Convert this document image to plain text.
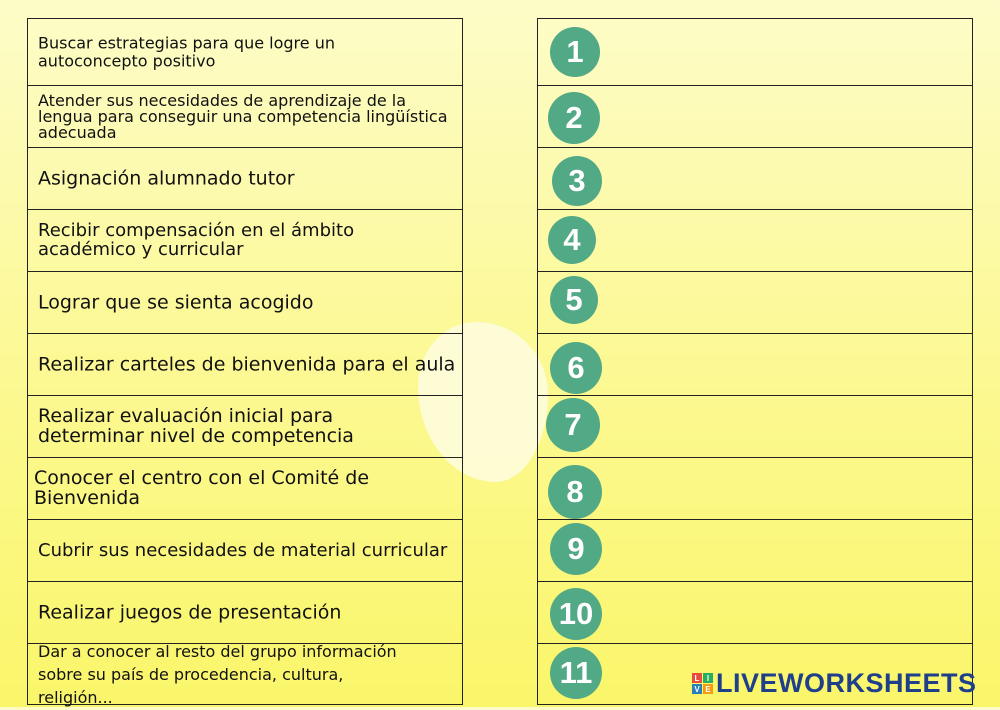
Buscar estrategias para que logre un autoconcepto positivo
Atender sus necesidades de aprendizaje de la lengua para conseguir una competencia lingüística adecuada
Asignación alumnado tutor
Recibir compensación en el ámbito académico y curricular
Lograr que se sienta acogido
Realizar carteles de bienvenida para el aula
Realizar evaluación inicial para determinar nivel de competencia
Conocer el centro con el Comité de Bienvenida
Cubrir sus necesidades de material curricular
Realizar juegos de presentación
Dar a conocer al resto del grupo información sobre su país de procedencia, cultura, religión...
1
2
3
4
5
6
7
8
9
10
11	L I
V E LIVEWORKSHEETS
